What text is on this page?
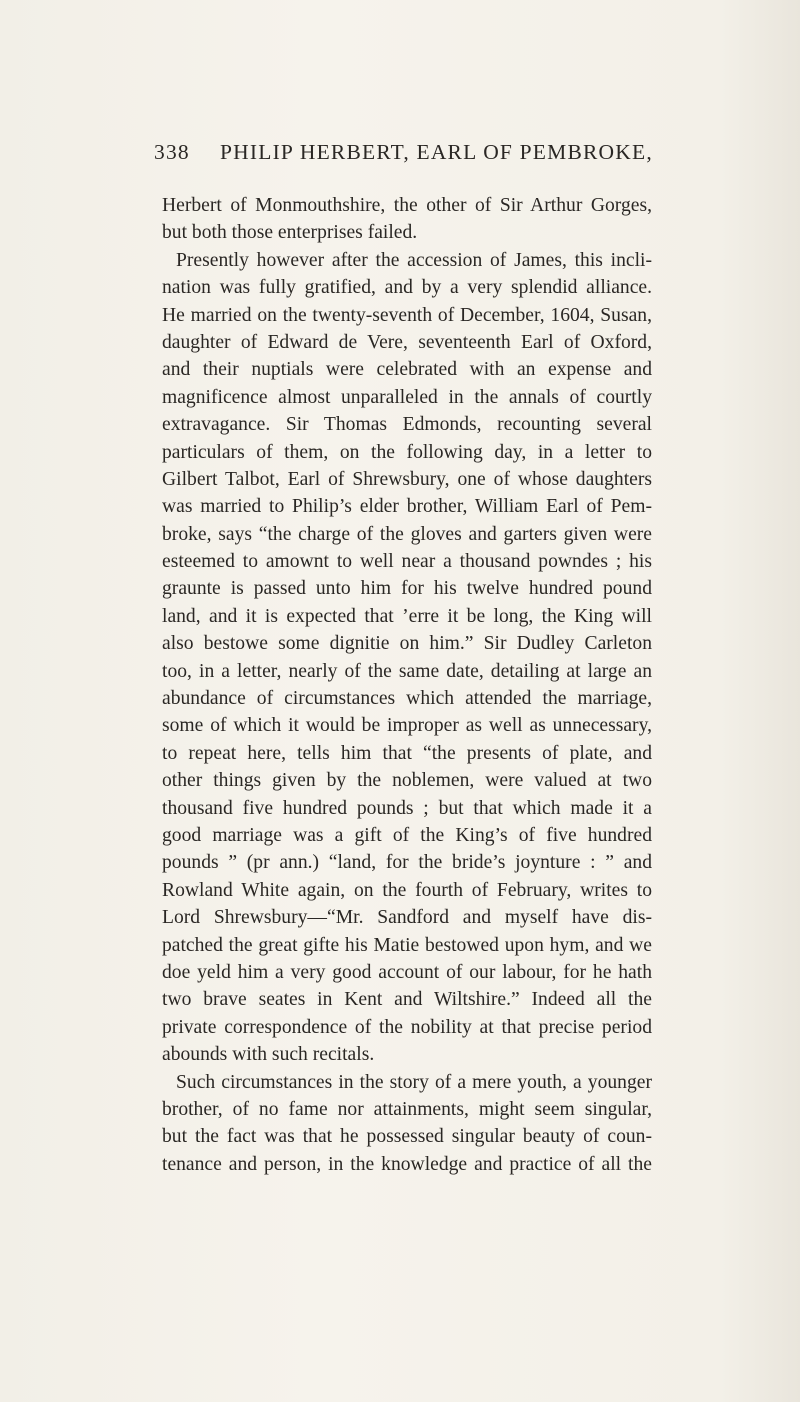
338 PHILIP HERBERT, EARL OF PEMBROKE,
Herbert of Monmouthshire, the other of Sir Arthur Gorges,
but both those enterprises failed.
Presently however after the accession of James, this incli-
nation was fully gratified, and by a very splendid alliance.
He married on the twenty-seventh of December, 1604, Susan,
daughter of Edward de Vere, seventeenth Earl of Oxford,
and their nuptials were celebrated with an expense and
magnificence almost unparalleled in the annals of courtly
extravagance. Sir Thomas Edmonds, recounting several
particulars of them, on the following day, in a letter to
Gilbert Talbot, Earl of Shrewsbury, one of whose daughters
was married to Philip’s elder brother, William Earl of Pem-
broke, says “the charge of the gloves and garters given were
esteemed to amownt to well near a thousand powndes ; his
graunte is passed unto him for his twelve hundred pound
land, and it is expected that ’erre it be long, the King will
also bestowe some dignitie on him.” Sir Dudley Carleton
too, in a letter, nearly of the same date, detailing at large an
abundance of circumstances which attended the marriage,
some of which it would be improper as well as unnecessary,
to repeat here, tells him that “the presents of plate, and
other things given by the noblemen, were valued at two
thousand five hundred pounds ; but that which made it a
good marriage was a gift of the King’s of five hundred
pounds ” (pr ann.) “land, for the bride’s joynture : ” and
Rowland White again, on the fourth of February, writes to
Lord Shrewsbury—“Mr. Sandford and myself have dis-
patched the great gifte his Matie bestowed upon hym, and we
doe yeld him a very good account of our labour, for he hath
two brave seates in Kent and Wiltshire.” Indeed all the
private correspondence of the nobility at that precise period
abounds with such recitals.
Such circumstances in the story of a mere youth, a younger
brother, of no fame nor attainments, might seem singular,
but the fact was that he possessed singular beauty of coun-
tenance and person, in the knowledge and practice of all the
